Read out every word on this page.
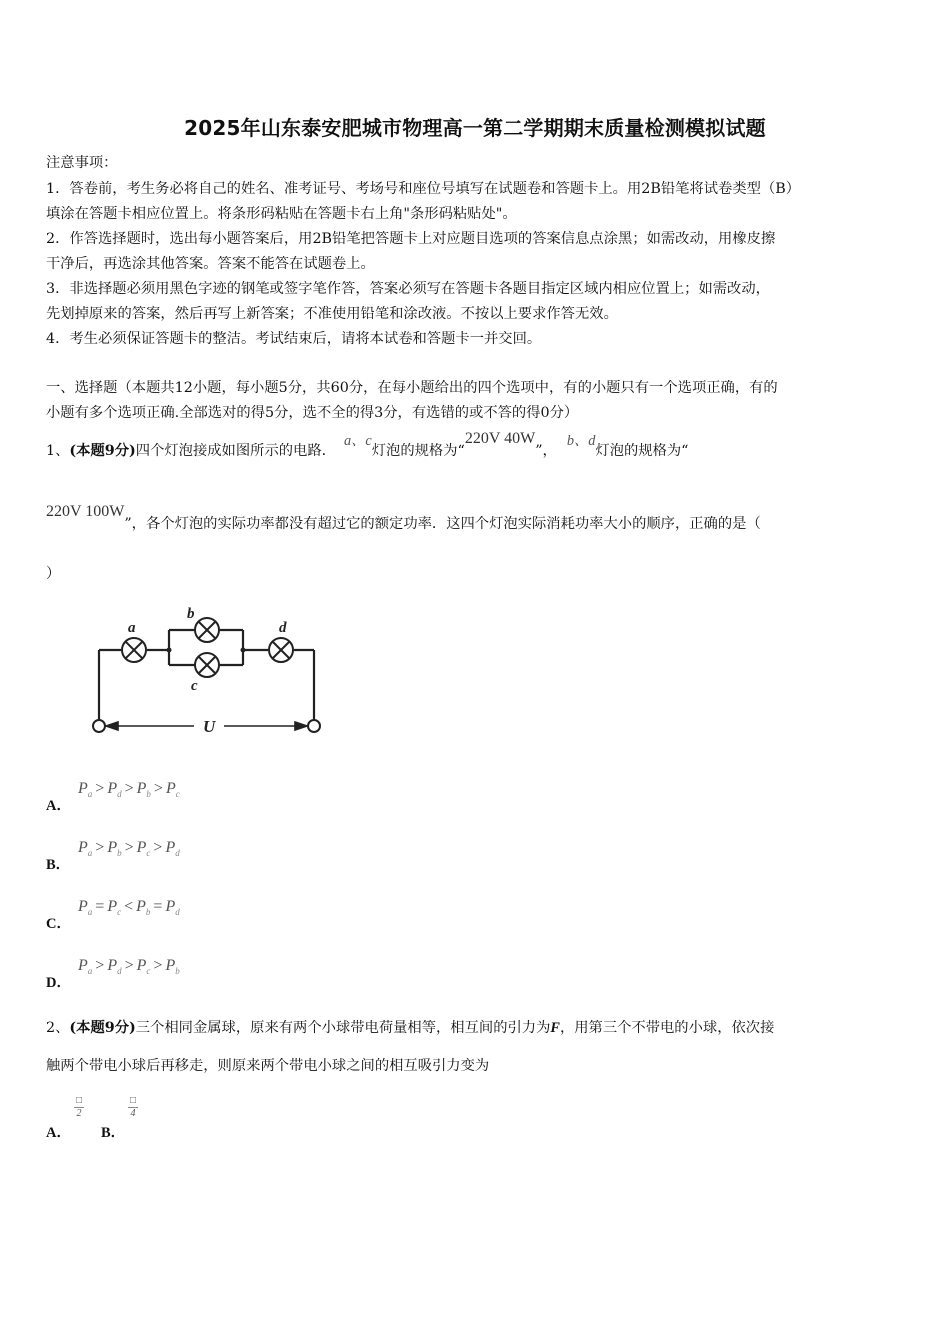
2025年山东泰安肥城市物理高一第二学期期末质量检测模拟试题
注意事项：
1．答卷前，考生务必将自己的姓名、准考证号、考场号和座位号填写在试题卷和答题卡上。用2B铅笔将试卷类型（B）
填涂在答题卡相应位置上。将条形码粘贴在答题卡右上角"条形码粘贴处"。
2．作答选择题时，选出每小题答案后，用2B铅笔把答题卡上对应题目选项的答案信息点涂黑；如需改动，用橡皮擦
干净后，再选涂其他答案。答案不能答在试题卷上。
3．非选择题必须用黑色字迹的钢笔或签字笔作答，答案必须写在答题卡各题目指定区域内相应位置上；如需改动，
先划掉原来的答案，然后再写上新答案；不准使用铅笔和涂改液。不按以上要求作答无效。
4．考生必须保证答题卡的整洁。考试结束后，请将本试卷和答题卡一并交回。
一、选择题（本题共12小题，每小题5分，共60分，在每小题给出的四个选项中，有的小题只有一个选项正确，有的
小题有多个选项正确.全部选对的得5分，选不全的得3分，有选错的或不答的得0分）
1、(本题9分)四个灯泡接成如图所示的电路．a、c灯泡的规格为“220V 40W”，b、d灯泡的规格为“
220V 100W”，各个灯泡的实际功率都没有超过它的额定功率．这四个灯泡实际消耗功率大小的顺序，正确的是（
）
a
b
c
d
U
A．
$P_a > P_d > P_b > P_c$
B．
$P_a > P_b > P_c > P_d$
C．
$P_a = P_c < P_b = P_d$
D．
$P_a > P_d > P_c > P_b$
2、(本题9分)三个相同金属球，原来有两个小球带电荷量相等，相互间的引力为F，用第三个不带电的小球，依次接
触两个带电小球后再移走，则原来两个带电小球之间的相互吸引力变为
A．
□
2
B．
□
4
